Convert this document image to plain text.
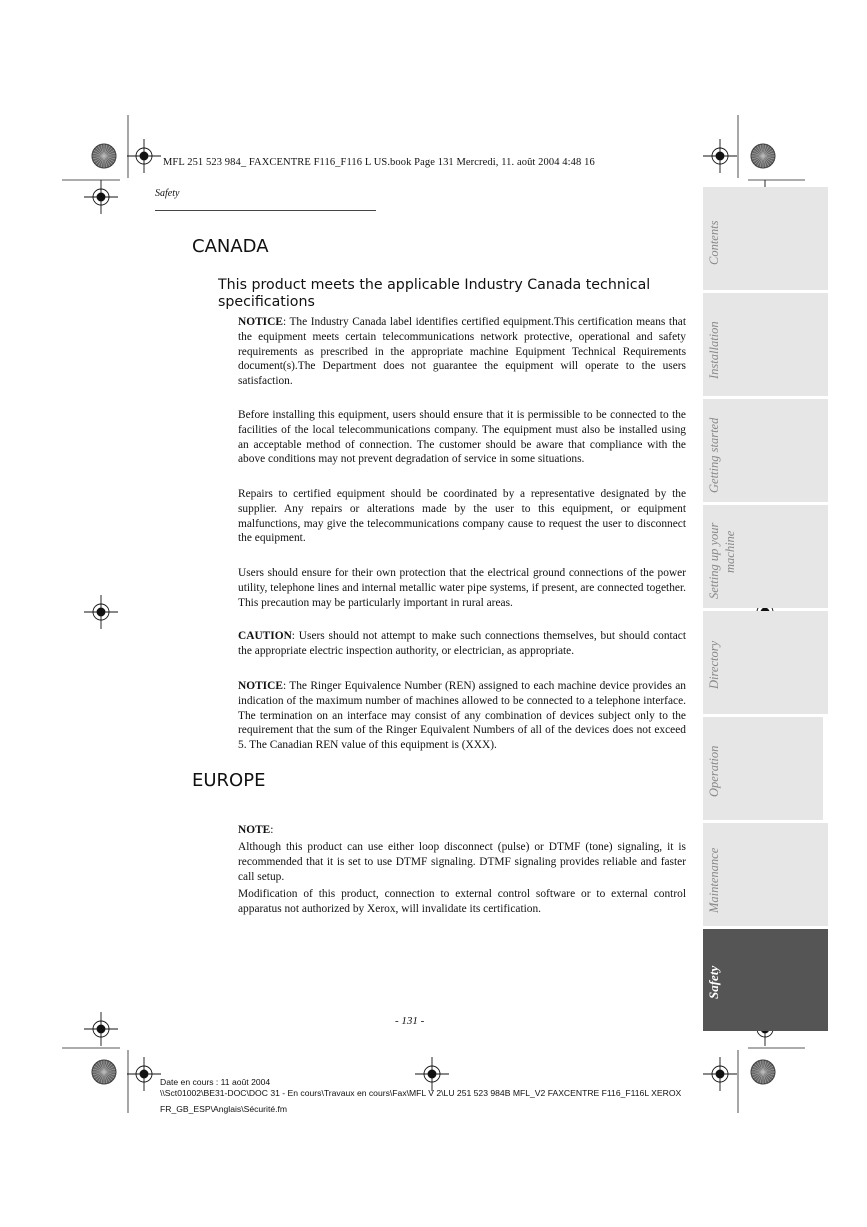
MFL 251 523 984_ FAXCENTRE F116_F116 L US.book Page 131 Mercredi, 11. août 2004 4:48 16
Safety
CANADA
This product meets the applicable Industry Canada technical
specifications
NOTICE: The Industry Canada label identifies certified equipment.This certification means that the equipment meets certain telecommunications network protective, operational and safety requirements as prescribed in the appropriate machine Equipment Technical Requirements document(s).The Department does not guarantee the equipment will operate to the users satisfaction.
Before installing this equipment, users should ensure that it is permissible to be connected to the facilities of the local telecommunications company. The equipment must also be installed using an acceptable method of connection. The customer should be aware that compliance with the above conditions may not prevent degradation of service in some situations.
Repairs to certified equipment should be coordinated by a representative designated by the supplier. Any repairs or alterations made by the user to this equipment, or equipment malfunctions, may give the telecommunications company cause to request the user to disconnect the equipment.
Users should ensure for their own protection that the electrical ground connections of the power utility, telephone lines and internal metallic water pipe systems, if present, are connected together. This precaution may be particularly important in rural areas.
CAUTION: Users should not attempt to make such connections themselves, but should contact the appropriate electric inspection authority, or electrician, as appropriate.
NOTICE: The Ringer Equivalence Number (REN) assigned to each machine device provides an indication of the maximum number of machines allowed to be connected to a telephone interface. The termination on an interface may consist of any combination of devices subject only to the requirement that the sum of the Ringer Equivalent Numbers of all of the devices does not exceed 5. The Canadian REN value of this equipment is (XXX).
EUROPE
NOTE:
Although this product can use either loop disconnect (pulse) or DTMF (tone) signaling, it is recommended that it is set to use DTMF signaling. DTMF signaling provides reliable and faster call setup.
Modification of this product, connection to external control software or to external control apparatus not authorized by Xerox, will invalidate its certification.
- 131 -
Contents
Installation
Getting started
Setting up your machine
Directory
Operation
Maintenance
Safety
Date en cours : 11 août 2004
\\Sct01002\BE31-DOC\DOC 31 - En cours\Travaux en cours\Fax\MFL V 2\LU 251 523 984B MFL_V2 FAXCENTRE F116_F116L XEROX
FR_GB_ESP\Anglais\Sécurité.fm
